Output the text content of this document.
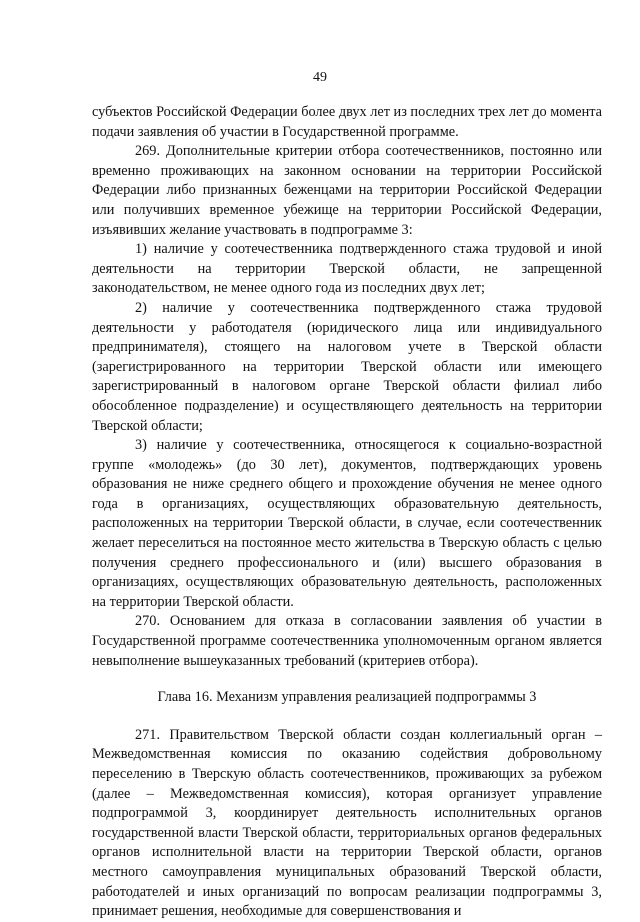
49

субъектов Российской Федерации более двух лет из последних трех лет до момента подачи заявления об участии в Государственной программе.

269. Дополнительные критерии отбора соотечественников, постоянно или временно проживающих на законном основании на территории Российской Федерации либо признанных беженцами на территории Российской Федерации или получивших временное убежище на территории Российской Федерации, изъявивших желание участвовать в подпрограмме 3:

1) наличие у соотечественника подтвержденного стажа трудовой и иной деятельности на территории Тверской области, не запрещенной законодательством, не менее одного года из последних двух лет;

2) наличие у соотечественника подтвержденного стажа трудовой деятельности у работодателя (юридического лица или индивидуального предпринимателя), стоящего на налоговом учете в Тверской области (зарегистрированного на территории Тверской области или имеющего зарегистрированный в налоговом органе Тверской области филиал либо обособленное подразделение) и осуществляющего деятельность на территории Тверской области;

3) наличие у соотечественника, относящегося к социально-возрастной группе «молодежь» (до 30 лет), документов, подтверждающих уровень образования не ниже среднего общего и прохождение обучения не менее одного года в организациях, осуществляющих образовательную деятельность, расположенных на территории Тверской области, в случае, если соотечественник желает переселиться на постоянное место жительства в Тверскую область с целью получения среднего профессионального и (или) высшего образования в организациях, осуществляющих образовательную деятельность, расположенных на территории Тверской области.

270. Основанием для отказа в согласовании заявления об участии в Государственной программе соотечественника уполномоченным органом является невыполнение вышеуказанных требований (критериев отбора).

Глава 16. Механизм управления реализацией подпрограммы 3

271. Правительством Тверской области создан коллегиальный орган – Межведомственная комиссия по оказанию содействия добровольному переселению в Тверскую область соотечественников, проживающих за рубежом (далее – Межведомственная комиссия), которая организует управление подпрограммой 3, координирует деятельность исполнительных органов государственной власти Тверской области, территориальных органов федеральных органов исполнительной власти на территории Тверской области, органов местного самоуправления муниципальных образований Тверской области, работодателей и иных организаций по вопросам реализации подпрограммы 3, принимает решения, необходимые для совершенствования и
